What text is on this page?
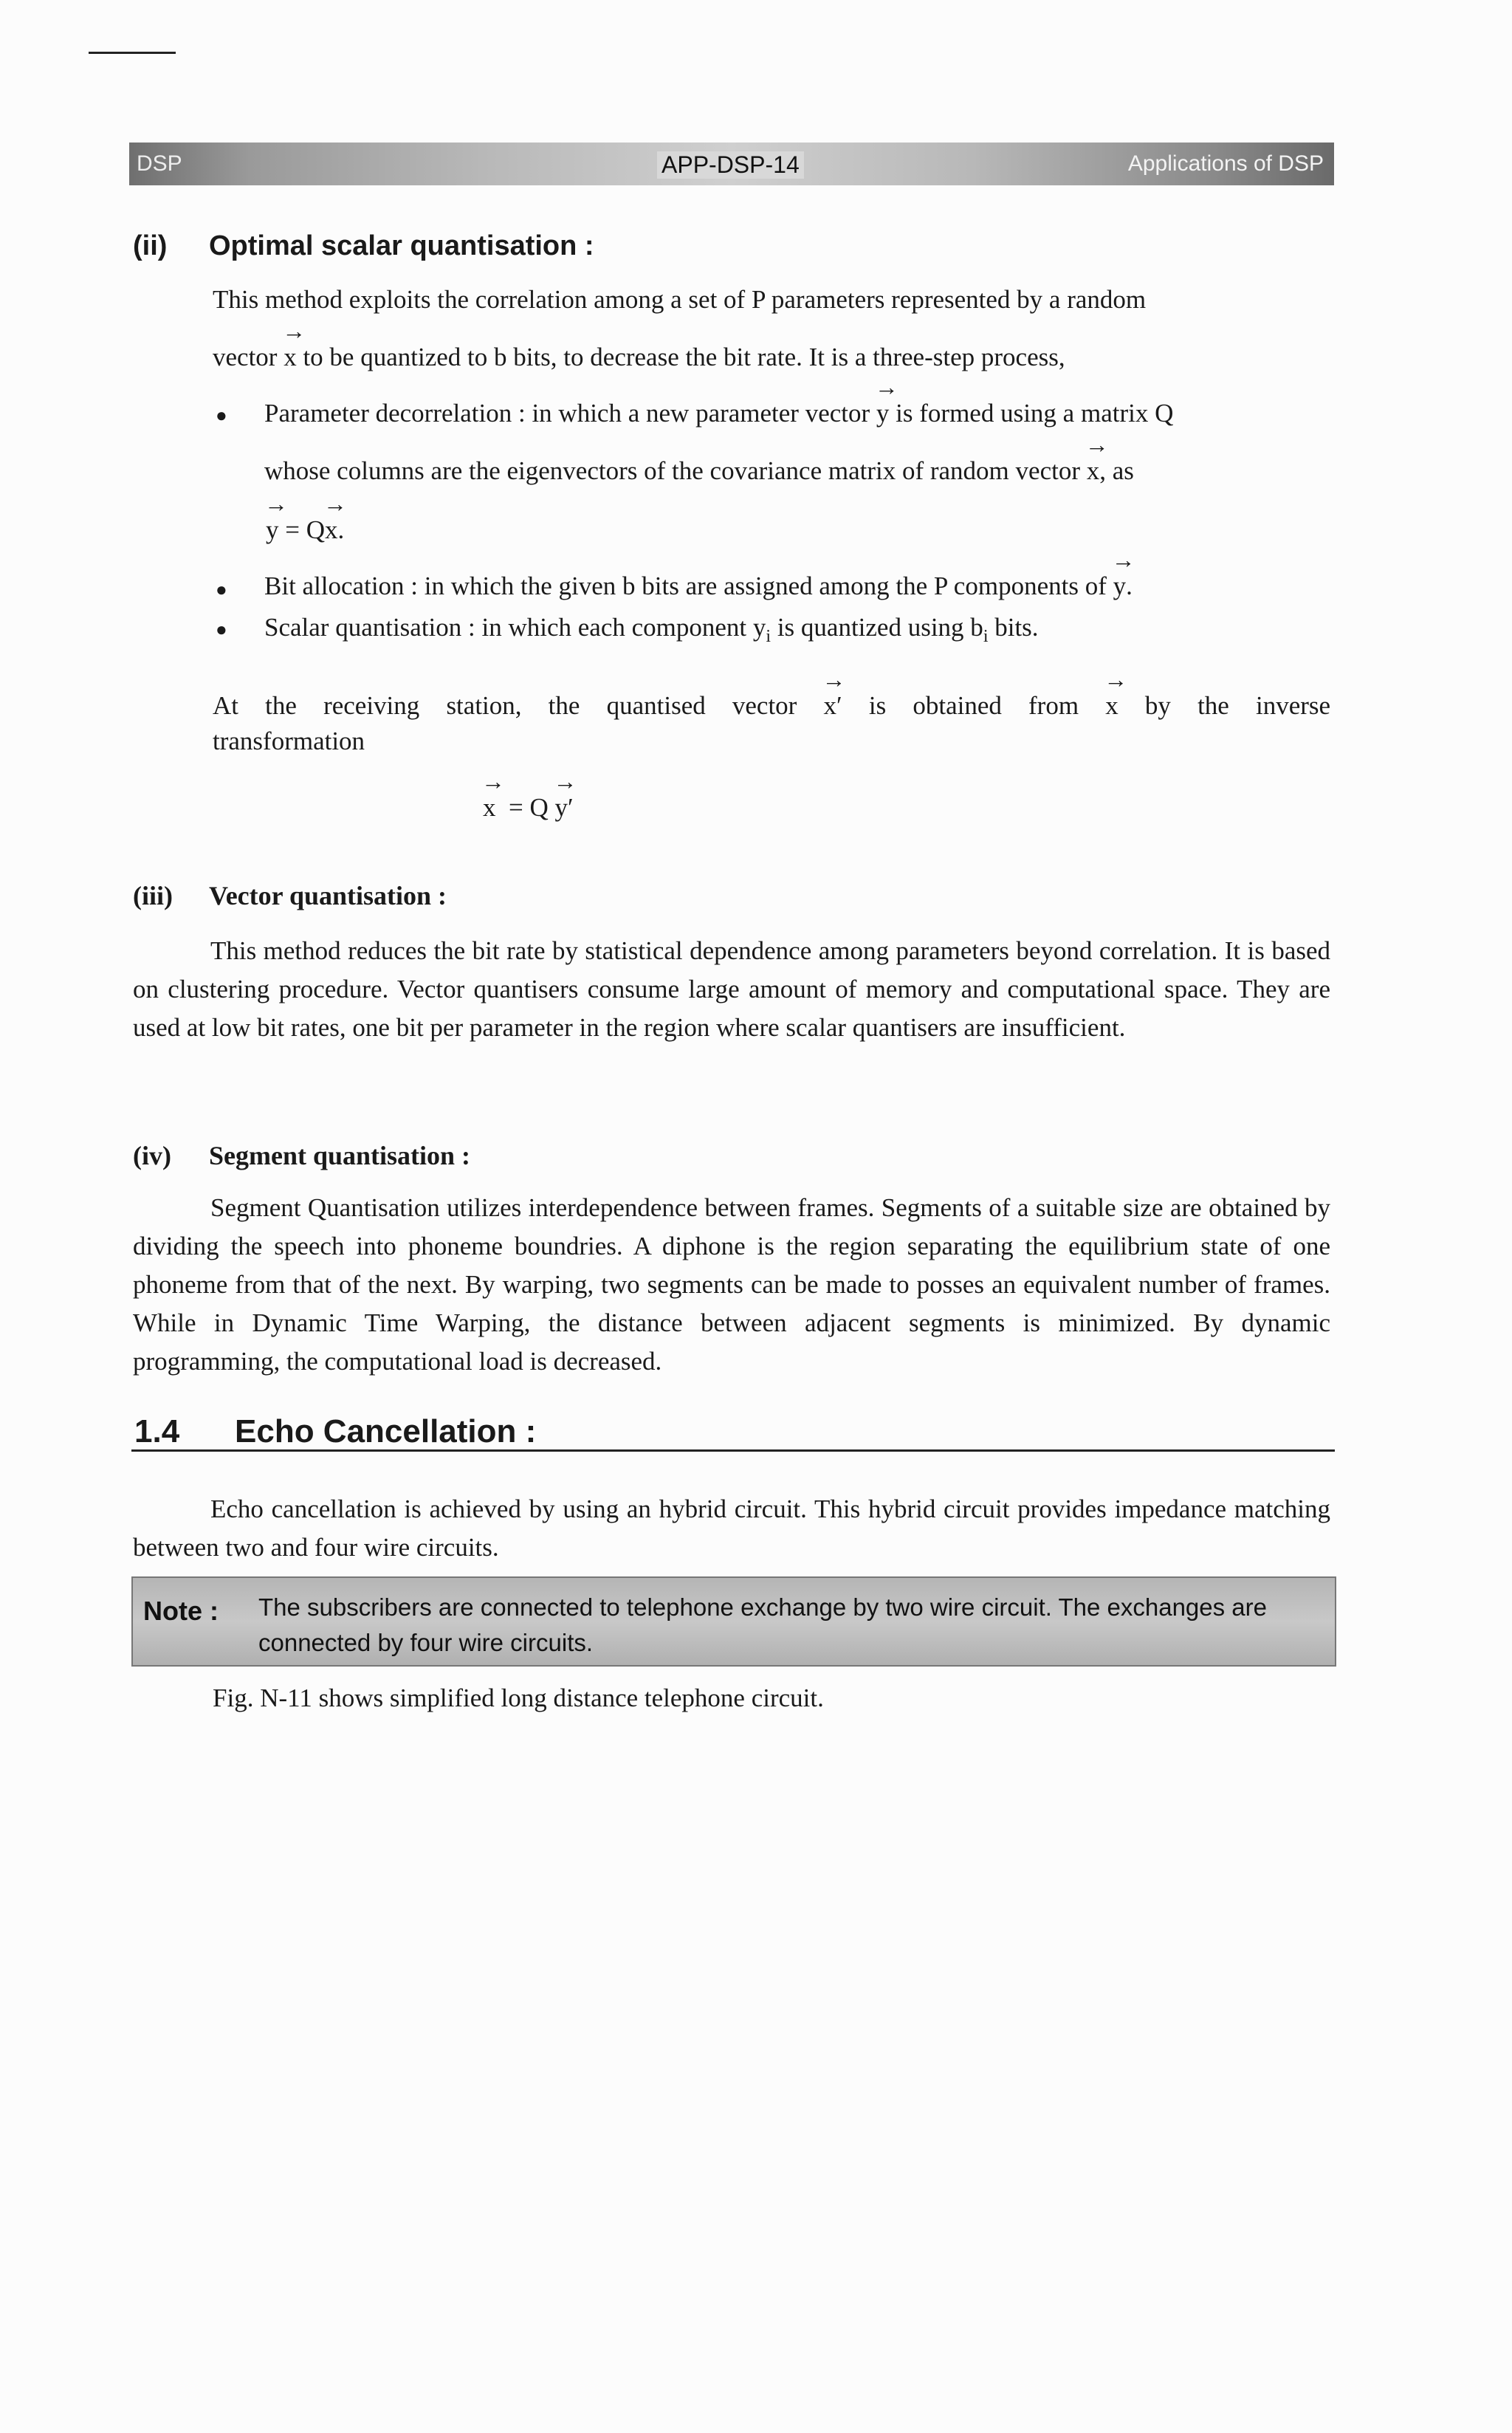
DSP	APP-DSP-14	Applications of DSP
(ii) Optimal scalar quantisation :
This method exploits the correlation among a set of P parameters represented by a random
vector → x to be quantized to b bits, to decrease the bit rate. It is a three-step process,
● Parameter decorrelation : in which a new parameter vector → y is formed using a matrix Q
whose columns are the eigenvectors of the covariance matrix of random vector → x, as
→ y = Q→ x.
● Bit allocation : in which the given b bits are assigned among the P components of → y.
● Scalar quantisation : in which each component $y_i$ is quantized using $b_i$ bits.
At the receiving station, the quantised vector → x′ is obtained from → x by the inverse
transformation
→ x = Q → y′
(iii) Vector quantisation :
This method reduces the bit rate by statistical dependence among parameters beyond correlation. It is based on clustering procedure. Vector quantisers consume large amount of memory and computational space. They are used at low bit rates, one bit per parameter in the region where scalar quantisers are insufficient.
(iv) Segment quantisation :
Segment Quantisation utilizes interdependence between frames. Segments of a suitable size are obtained by dividing the speech into phoneme boundries. A diphone is the region separating the equilibrium state of one phoneme from that of the next. By warping, two segments can be made to posses an equivalent number of frames. While in Dynamic Time Warping, the distance between adjacent segments is minimized. By dynamic programming, the computational load is decreased.
1.4 Echo Cancellation :
Echo cancellation is achieved by using an hybrid circuit. This hybrid circuit provides impedance matching between two and four wire circuits.
Note : The subscribers are connected to telephone exchange by two wire circuit. The exchanges are connected by four wire circuits.
Fig. N-11 shows simplified long distance telephone circuit.
